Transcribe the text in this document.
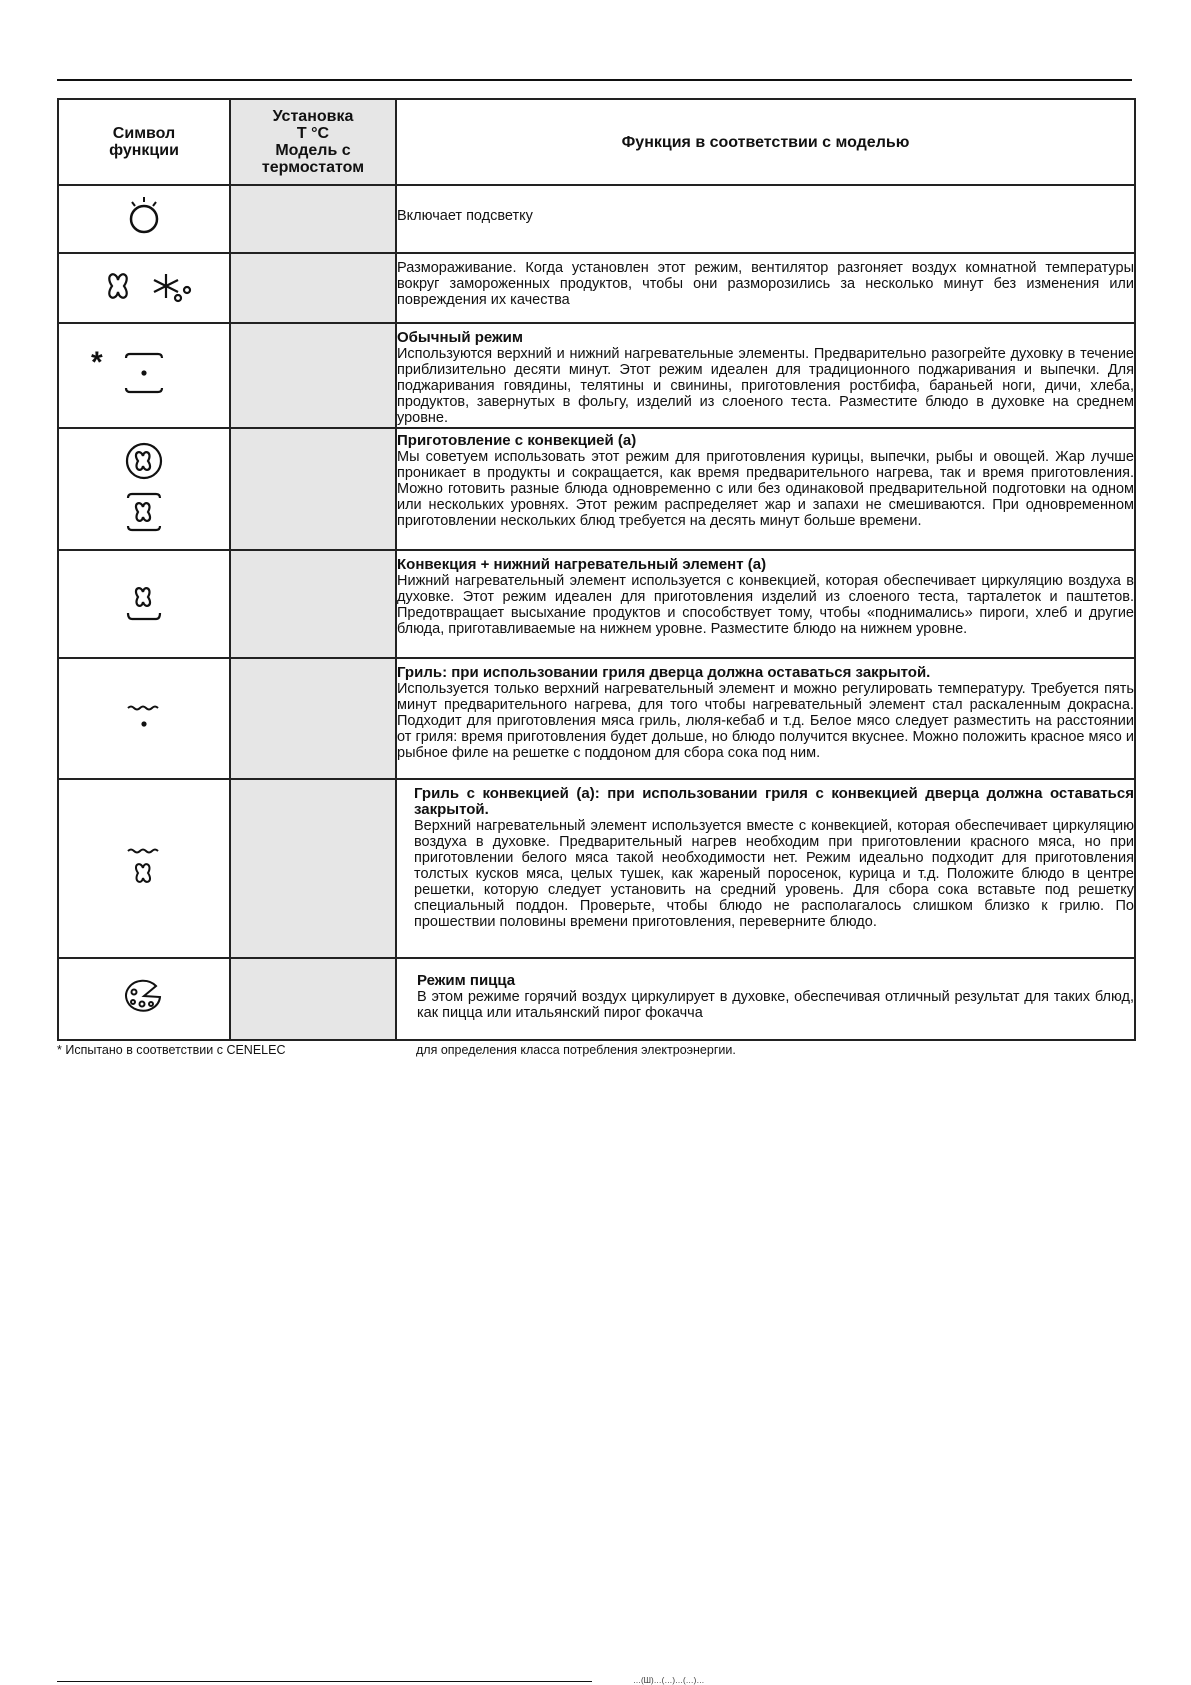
Символ функции	Установка
T °C
Модель с
термостатом	Функция в соответствии с моделью

Включает подсветку

Размораживание. Когда установлен этот режим, вентилятор разгоняет воздух комнатной температуры вокруг замороженных продуктов, чтобы они разморозились за несколько минут без изменения или повреждения их качества

*		Обычный режим
Используются верхний и нижний нагревательные элементы. Предварительно разогрейте духовку в течение приблизительно десяти минут. Этот режим идеален для традиционного поджаривания и выпечки. Для поджаривания говядины, телятины и свинины, приготовления ростбифа, бараньей ноги, дичи, хлеба, продуктов, завернутых в фольгу, изделий из слоеного теста. Разместите блюдо в духовке на среднем уровне.

Приготовление с конвекцией (a)
Мы советуем использовать этот режим для приготовления курицы, выпечки, рыбы и овощей. Жар лучше проникает в продукты и сокращается, как время предварительного нагрева, так и время приготовления. Можно готовить разные блюда одновременно с или без одинаковой предварительной подготовки на одном или нескольких уровнях. Этот режим распределяет жар и запахи не смешиваются. При одновременном приготовлении нескольких блюд требуется на десять минут больше времени.

Конвекция + нижний нагревательный элемент (a)
Нижний нагревательный элемент используется с конвекцией, которая обеспечивает циркуляцию воздуха в духовке. Этот режим идеален для приготовления изделий из слоеного теста, тарталеток и паштетов. Предотвращает высыхание продуктов и способствует тому, чтобы «поднимались» пироги, хлеб и другие блюда, приготавливаемые на нижнем уровне. Разместите блюдо на нижнем уровне.

Гриль: при использовании гриля дверца должна оставаться закрытой.
Используется только верхний нагревательный элемент и можно регулировать температуру. Требуется пять минут предварительного нагрева, для того чтобы нагревательный элемент стал раскаленным докрасна. Подходит для приготовления мяса гриль, люля-кебаб и т.д. Белое мясо следует разместить на расстоянии от гриля: время приготовления будет дольше, но блюдо получится вкуснее. Можно положить красное мясо и рыбное филе на решетке с поддоном для сбора сока под ним.

Гриль с конвекцией (a): при использовании гриля с конвекцией дверца должна оставаться закрытой.
Верхний нагревательный элемент используется вместе с конвекцией, которая обеспечивает циркуляцию воздуха в духовке. Предварительный нагрев необходим при приготовлении красного мяса, но при приготовлении белого мяса такой необходимости нет. Режим идеально подходит для приготовления толстых кусков мяса, целых тушек, как жареный поросенок, курица и т.д. Положите блюдо в центре решетки, которую следует установить на средний уровень. Для сбора сока вставьте под решетку специальный поддон. Проверьте, чтобы блюдо не располагалось слишком близко к грилю. По прошествии половины времени приготовления, переверните блюдо.

Режим пицца
В этом режиме горячий воздух циркулирует в духовке, обеспечивая отличный результат для таких блюд, как пицца или итальянский пирог фокачча
* Испытано в соответствии с CENELEC	для определения класса потребления электроэнергии.
…(Ш)…(…)…(…)…
